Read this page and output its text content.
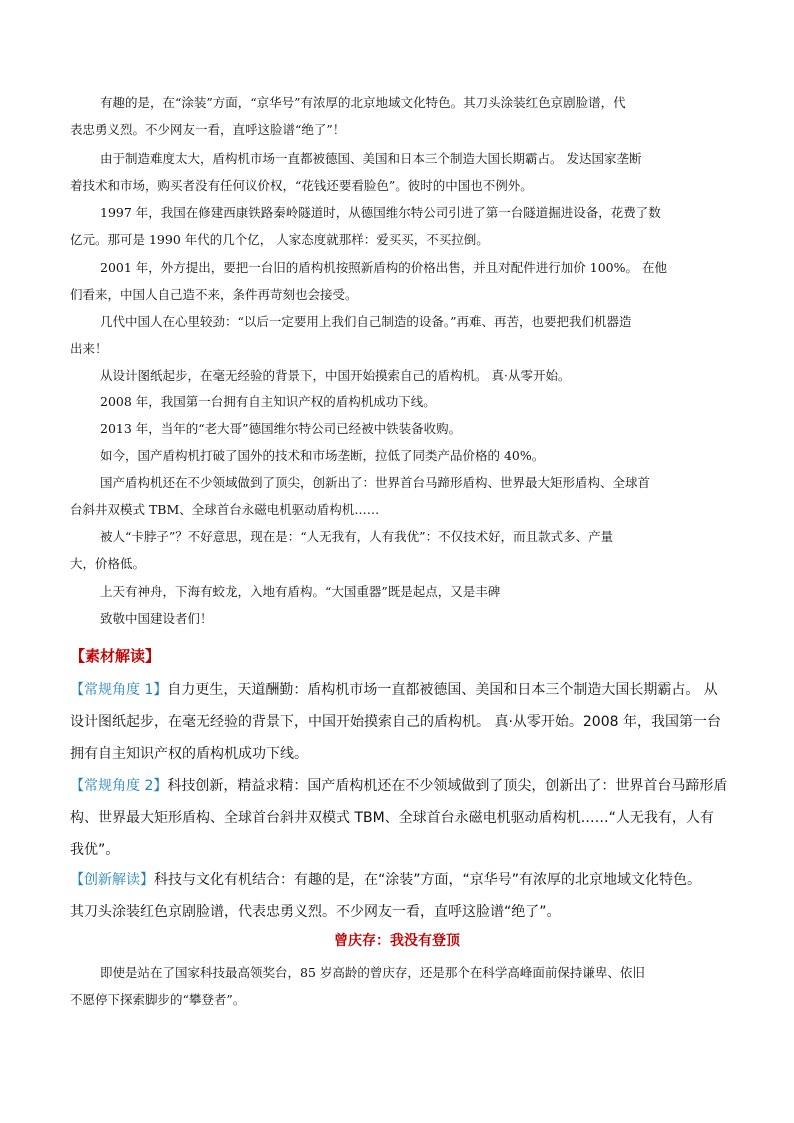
有趣的是，在“涂装”方面，“京华号”有浓厚的北京地域文化特色。其刀头涂装红色京剧脸谱，代
表忠勇义烈。不少网友一看，直呼这脸谱“绝了”！
由于制造难度太大，盾构机市场一直都被德国、美国和日本三个制造大国长期霸占。 发达国家垄断
着技术和市场，购买者没有任何议价权，“花钱还要看脸色”。彼时的中国也不例外。
1997 年，我国在修建西康铁路秦岭隧道时，从德国维尔特公司引进了第一台隧道掘进设备，花费了数
亿元。那可是 1990 年代的几个亿， 人家态度就那样：爱买买，不买拉倒。
2001 年，外方提出，要把一台旧的盾构机按照新盾构的价格出售，并且对配件进行加价 100%。 在他
们看来，中国人自己造不来，条件再苛刻也会接受。
几代中国人在心里较劲：“以后一定要用上我们自己制造的设备。”再难、再苦，也要把我们机器造
出来！
从设计图纸起步，在毫无经验的背景下，中国开始摸索自己的盾构机。 真·从零开始。
2008 年，我国第一台拥有自主知识产权的盾构机成功下线。
2013 年，当年的“老大哥”德国维尔特公司已经被中铁装备收购。
如今，国产盾构机打破了国外的技术和市场垄断，拉低了同类产品价格的 40%。
国产盾构机还在不少领域做到了顶尖，创新出了：世界首台马蹄形盾构、世界最大矩形盾构、全球首
台斜井双模式 TBM、全球首台永磁电机驱动盾构机……
被人“卡脖子”？不好意思，现在是：“人无我有，人有我优”：不仅技术好，而且款式多、产量
大，价格低。
上天有神舟，下海有蛟龙，入地有盾构。“大国重器”既是起点，又是丰碑
致敬中国建设者们！
【素材解读】
【常规角度 1】自力更生，天道酬勤：盾构机市场一直都被德国、美国和日本三个制造大国长期霸占。 从
设计图纸起步，在毫无经验的背景下，中国开始摸索自己的盾构机。 真·从零开始。2008 年，我国第一台
拥有自主知识产权的盾构机成功下线。
【常规角度 2】科技创新，精益求精：国产盾构机还在不少领域做到了顶尖，创新出了：世界首台马蹄形盾
构、世界最大矩形盾构、全球首台斜井双模式 TBM、全球首台永磁电机驱动盾构机……“人无我有，人有
我优”。
【创新解读】科技与文化有机结合：有趣的是，在“涂装”方面，“京华号”有浓厚的北京地域文化特色。
其刀头涂装红色京剧脸谱，代表忠勇义烈。不少网友一看，直呼这脸谱“绝了”。
曾庆存：我没有登顶
即使是站在了国家科技最高领奖台，85 岁高龄的曾庆存，还是那个在科学高峰面前保持谦卑、依旧
不愿停下探索脚步的“攀登者”。
